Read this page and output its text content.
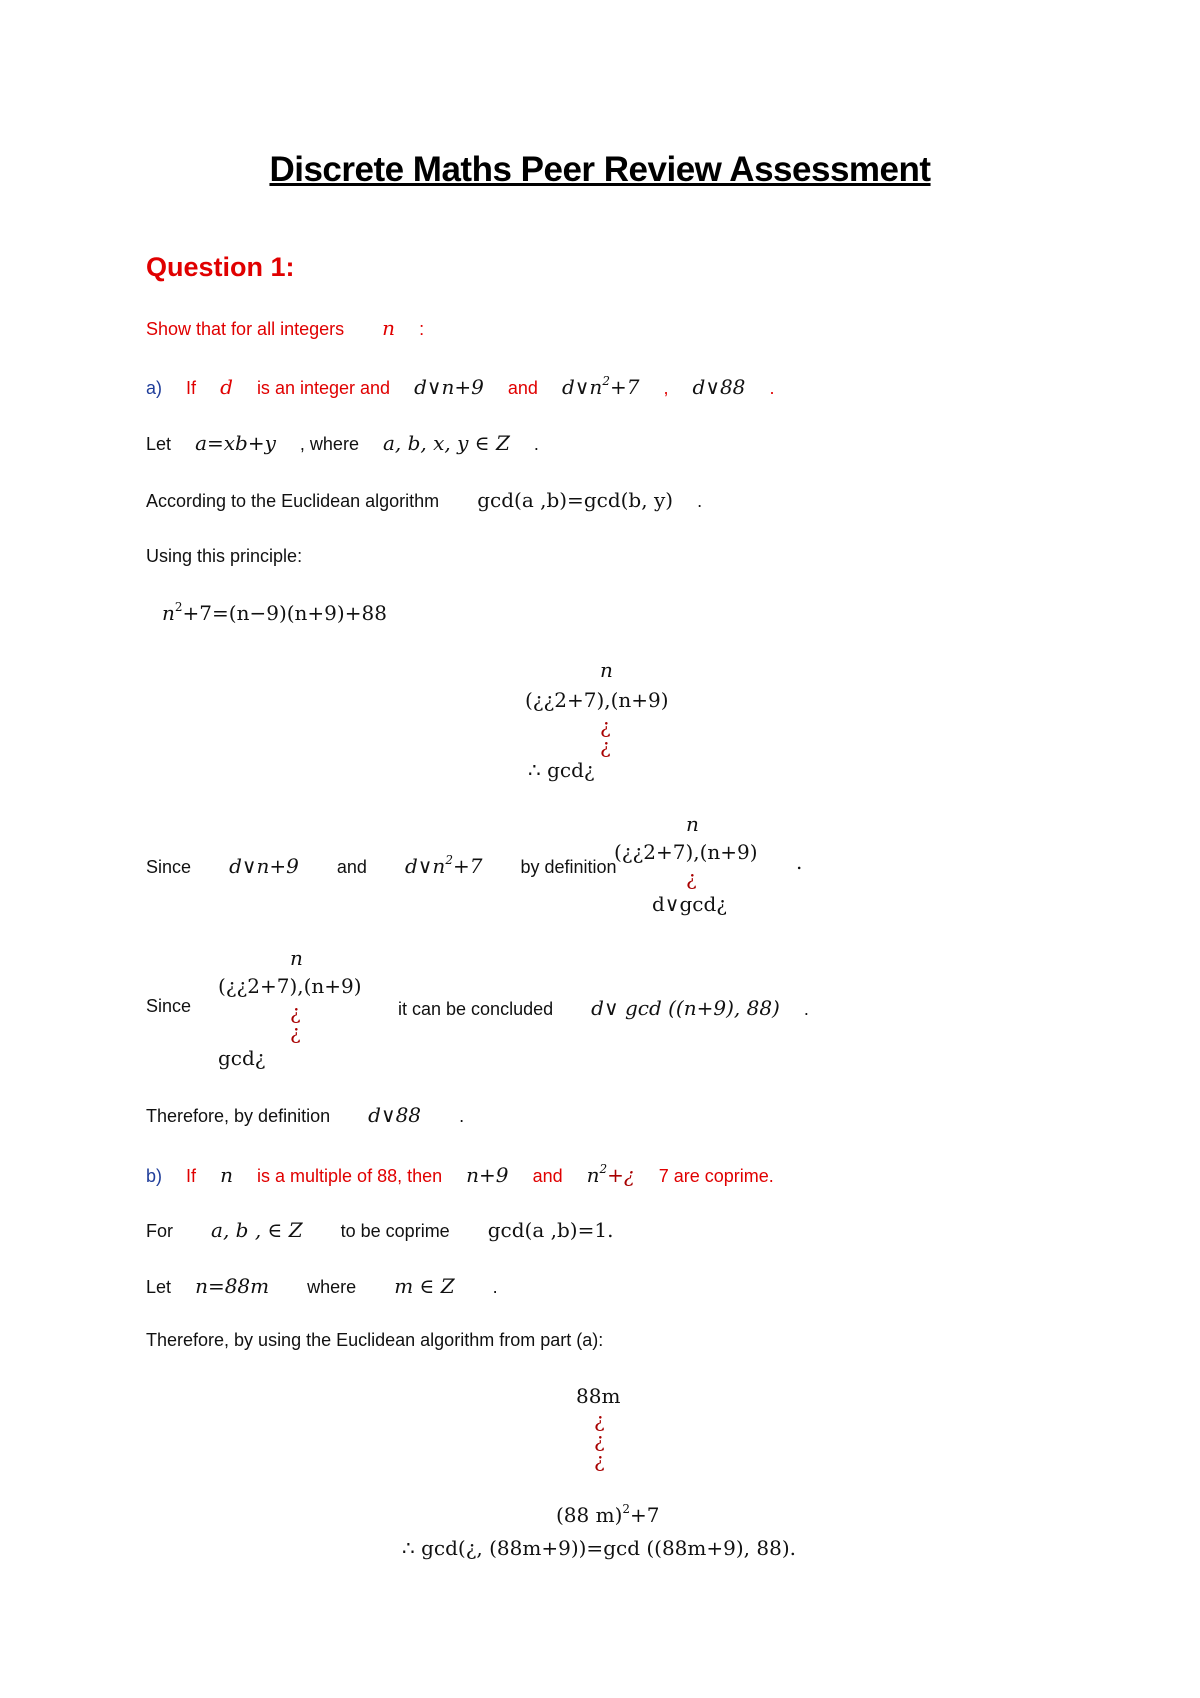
Discrete Maths Peer Review Assessment
Question 1:
Show that for all integers n :
a) If d is an integer and d∨n+9 and $d\vee n^2+7$ , d∨88 .
Let a=xb+y , where a, b, x, y ∈ Z .
According to the Euclidean algorithm gcd(a ,b)=gcd(b, y) .
Using this principle:
$n^2+7=(n-9)(n+9)+88$
n
(¿¿2+7),(n+9)
¿
¿
∴ gcd¿
Since d∨n+9 and $d\vee n^2+7$ by definition
n
(¿¿2+7),(n+9)
¿
d∨gcd¿
.
Since
n
(¿¿2+7),(n+9)
¿
¿
gcd¿
it can be concluded d∨ gcd ((n+9), 88) .
Therefore, by definition d∨88 .
b) If n is a multiple of 88, then n+9 and $n^2+¿$ 7 are coprime.
For a, b , ∈ Z to be coprime gcd(a ,b)=1.
Let n=88m where m ∈ Z .
Therefore, by using the Euclidean algorithm from part (a):
88m
¿
¿
¿
(88 m)$^2$+7
∴ gcd(¿, (88m+9))=gcd ((88m+9), 88).
